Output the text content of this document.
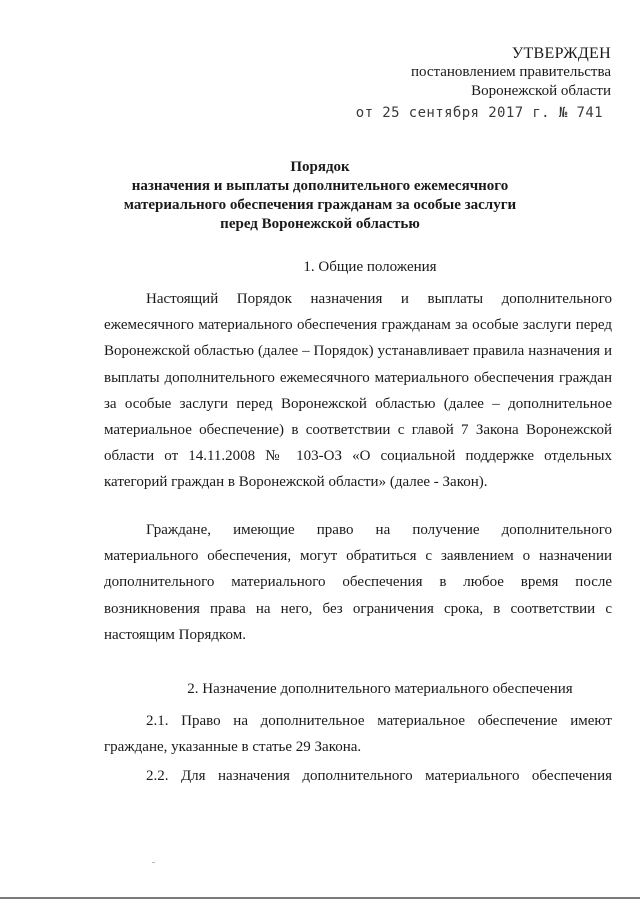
УТВЕРЖДЕН
постановлением правительства
Воронежской области
от 25 сентября 2017 г. № 741
Порядок
назначения и выплаты дополнительного ежемесячного
материального обеспечения гражданам за особые заслуги
перед Воронежской областью
1. Общие положения
Настоящий Порядок назначения и выплаты дополнительного ежемесячного материального обеспечения гражданам за особые заслуги перед Воронежской областью (далее – Порядок) устанавливает правила назначения и выплаты дополнительного ежемесячного материального обеспечения граждан за особые заслуги перед Воронежской областью (далее – дополнительное материальное обеспечение) в соответствии с главой 7 Закона Воронежской области от 14.11.2008 № 103-ОЗ «О социальной поддержке отдельных категорий граждан в Воронежской области» (далее - Закон).
Граждане, имеющие право на получение дополнительного материального обеспечения, могут обратиться с заявлением о назначении дополнительного материального обеспечения в любое время после возникновения права на него, без ограничения срока, в соответствии с настоящим Порядком.
2. Назначение дополнительного материального обеспечения
2.1. Право на дополнительное материальное обеспечение имеют граждане, указанные в статье 29 Закона.
2.2. Для назначения дополнительного материального обеспечения
